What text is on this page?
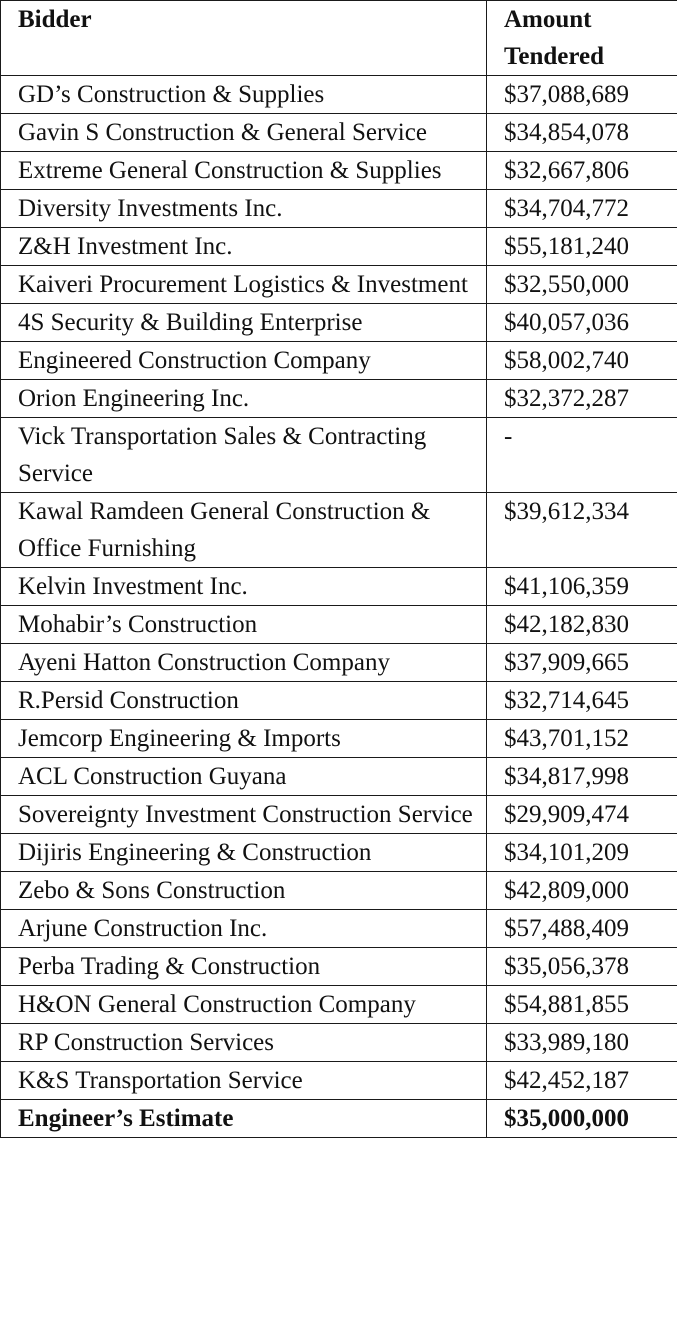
Bidder	Amount Tendered
GD’s Construction & Supplies	$37,088,689
Gavin S Construction & General Service	$34,854,078
Extreme General Construction & Supplies	$32,667,806
Diversity Investments Inc.	$34,704,772
Z&H Investment Inc.	$55,181,240
Kaiveri Procurement Logistics & Investment	$32,550,000
4S Security & Building Enterprise	$40,057,036
Engineered Construction Company	$58,002,740
Orion Engineering Inc.	$32,372,287
Vick Transportation Sales & Contracting Service	-
Kawal Ramdeen General Construction & Office Furnishing	$39,612,334
Kelvin Investment Inc.	$41,106,359
Mohabir’s Construction	$42,182,830
Ayeni Hatton Construction Company	$37,909,665
R.Persid Construction	$32,714,645
Jemcorp Engineering & Imports	$43,701,152
ACL Construction Guyana	$34,817,998
Sovereignty Investment Construction Service	$29,909,474
Dijiris Engineering & Construction	$34,101,209
Zebo & Sons Construction	$42,809,000
Arjune Construction Inc.	$57,488,409
Perba Trading & Construction	$35,056,378
H&ON General Construction Company	$54,881,855
RP Construction Services	$33,989,180
K&S Transportation Service	$42,452,187
Engineer’s Estimate	$35,000,000
